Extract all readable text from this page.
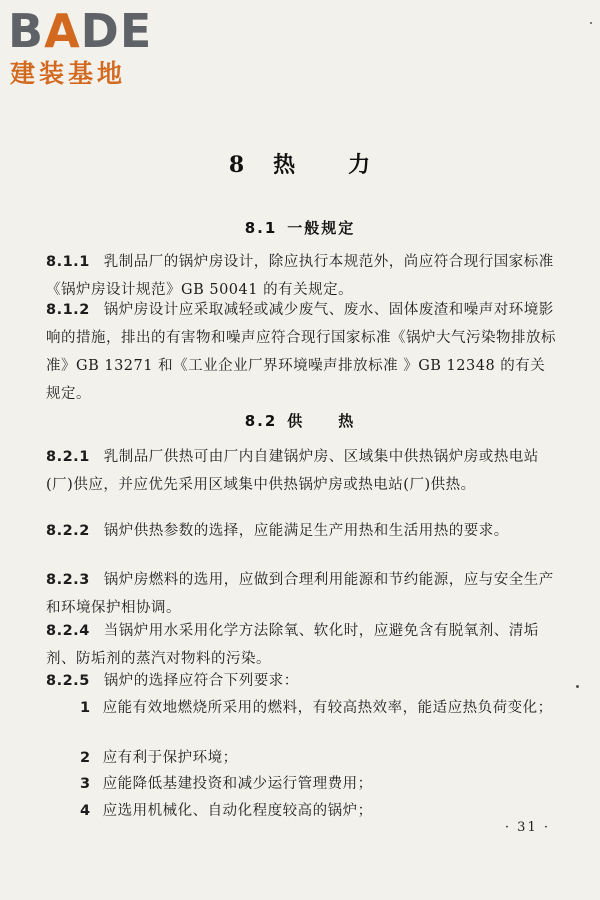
BADE
建装基地
8 热 力
8.1 一般规定
8.1.1 乳制品厂的锅炉房设计，除应执行本规范外，尚应符合现行国家标准《锅炉房设计规范》GB 50041 的有关规定。
8.1.2 锅炉房设计应采取减轻或减少废气、废水、固体废渣和噪声对环境影响的措施，排出的有害物和噪声应符合现行国家标准《锅炉大气污染物排放标准》GB 13271 和《工业企业厂界环境噪声排放标准 》GB 12348 的有关规定。
8.2 供　　热
8.2.1 乳制品厂供热可由厂内自建锅炉房、区域集中供热锅炉房或热电站(厂)供应，并应优先采用区域集中供热锅炉房或热电站(厂)供热。
8.2.2 锅炉供热参数的选择，应能满足生产用热和生活用热的要求。
8.2.3 锅炉房燃料的选用，应做到合理利用能源和节约能源，应与安全生产和环境保护相协调。
8.2.4 当锅炉用水采用化学方法除氧、软化时，应避免含有脱氧剂、清垢剂、防垢剂的蒸汽对物料的污染。
8.2.5 锅炉的选择应符合下列要求：
1 应能有效地燃烧所采用的燃料，有较高热效率，能适应热负荷变化；
2 应有利于保护环境；
3 应能降低基建投资和减少运行管理费用；
4 应选用机械化、自动化程度较高的锅炉；
· 31 ·
